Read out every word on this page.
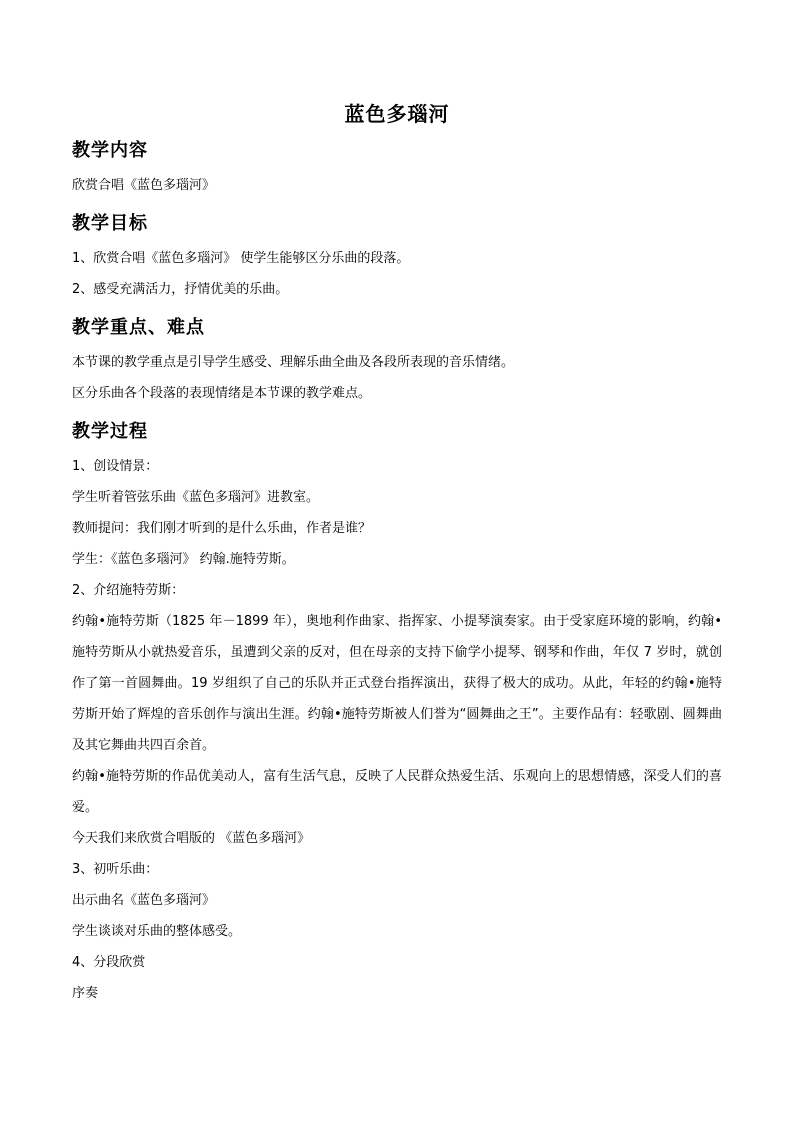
蓝色多瑙河
教学内容

欣赏合唱《蓝色多瑙河》

教学目标

1、欣赏合唱《蓝色多瑙河》 使学生能够区分乐曲的段落。

2、感受充满活力，抒情优美的乐曲。

教学重点、难点

本节课的教学重点是引导学生感受、理解乐曲全曲及各段所表现的音乐情绪。

区分乐曲各个段落的表现情绪是本节课的教学难点。

教学过程

1、创设情景：

学生听着管弦乐曲《蓝色多瑙河》进教室。

教师提问：我们刚才听到的是什么乐曲，作者是谁？

学生：《蓝色多瑙河》 约翰.施特劳斯。

2、介绍施特劳斯：

约翰•施特劳斯（1825 年－1899 年），奥地利作曲家、指挥家、小提琴演奏家。由于受家庭环境的影响，约翰•施特劳斯从小就热爱音乐，虽遭到父亲的反对，但在母亲的支持下偷学小提琴、钢琴和作曲，年仅 7 岁时，就创作了第一首圆舞曲。19 岁组织了自己的乐队并正式登台指挥演出，获得了极大的成功。从此，年轻的约翰•施特劳斯开始了辉煌的音乐创作与演出生涯。约翰•施特劳斯被人们誉为“圆舞曲之王”。主要作品有：轻歌剧、圆舞曲及其它舞曲共四百余首。

约翰•施特劳斯的作品优美动人，富有生活气息，反映了人民群众热爱生活、乐观向上的思想情感，深受人们的喜爱。

今天我们来欣赏合唱版的 《蓝色多瑙河》

3、初听乐曲：

出示曲名《蓝色多瑙河》

学生谈谈对乐曲的整体感受。

4、分段欣赏

序奏
